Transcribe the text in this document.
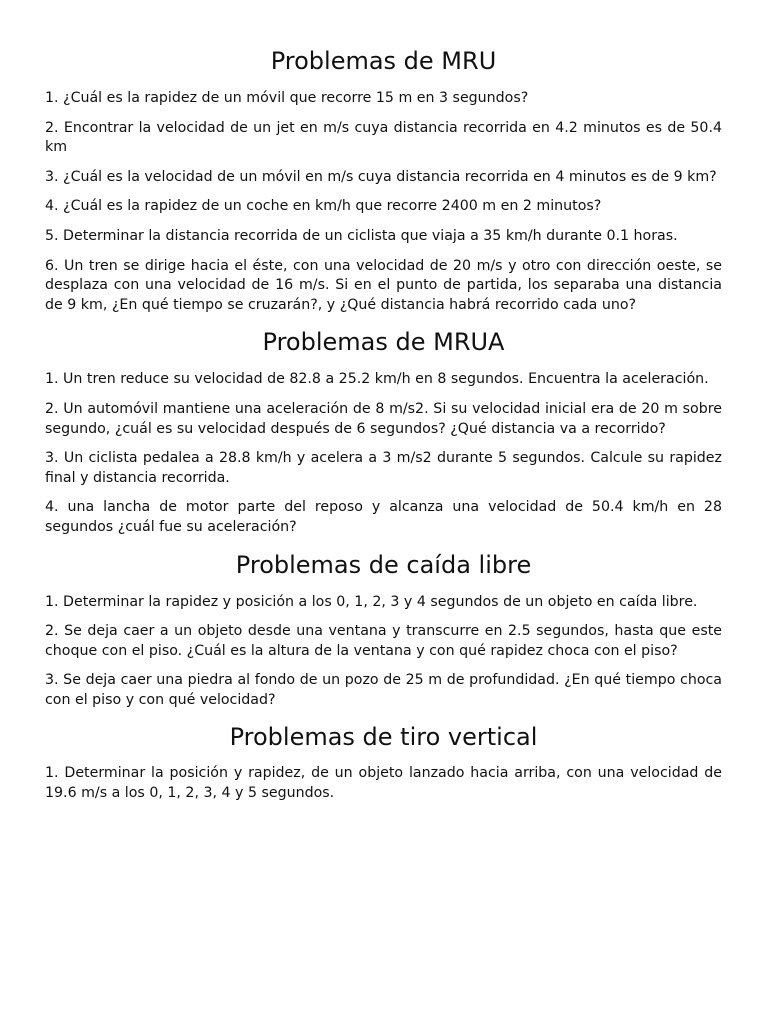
Problemas de MRU

1. ¿Cuál es la rapidez de un móvil que recorre 15 m en 3 segundos?

2. Encontrar la velocidad de un jet en m/s cuya distancia recorrida en 4.2 minutos es de 50.4 km

3. ¿Cuál es la velocidad de un móvil en m/s cuya distancia recorrida en 4 minutos es de 9 km?

4. ¿Cuál es la rapidez de un coche en km/h que recorre 2400 m en 2 minutos?

5. Determinar la distancia recorrida de un ciclista que viaja a 35 km/h durante 0.1 horas.

6. Un tren se dirige hacia el éste, con una velocidad de 20 m/s y otro con dirección oeste, se desplaza con una velocidad de 16 m/s. Si en el punto de partida, los separaba una distancia de 9 km, ¿En qué tiempo se cruzarán?, y ¿Qué distancia habrá recorrido cada uno?

Problemas de MRUA

1. Un tren reduce su velocidad de 82.8 a 25.2 km/h en 8 segundos. Encuentra la aceleración.

2. Un automóvil mantiene una aceleración de 8 m/s2. Si su velocidad inicial era de 20 m sobre segundo, ¿cuál es su velocidad después de 6 segundos? ¿Qué distancia va a recorrido?

3. Un ciclista pedalea a 28.8 km/h y acelera a 3 m/s2 durante 5 segundos. Calcule su rapidez final y distancia recorrida.

4. una lancha de motor parte del reposo y alcanza una velocidad de 50.4 km/h en 28 segundos ¿cuál fue su aceleración?

Problemas de caída libre

1. Determinar la rapidez y posición a los 0, 1, 2, 3 y 4 segundos de un objeto en caída libre.

2. Se deja caer a un objeto desde una ventana y transcurre en 2.5 segundos, hasta que este choque con el piso. ¿Cuál es la altura de la ventana y con qué rapidez choca con el piso?

3. Se deja caer una piedra al fondo de un pozo de 25 m de profundidad. ¿En qué tiempo choca con el piso y con qué velocidad?

Problemas de tiro vertical

1. Determinar la posición y rapidez, de un objeto lanzado hacia arriba, con una velocidad de 19.6 m/s a los 0, 1, 2, 3, 4 y 5 segundos.
